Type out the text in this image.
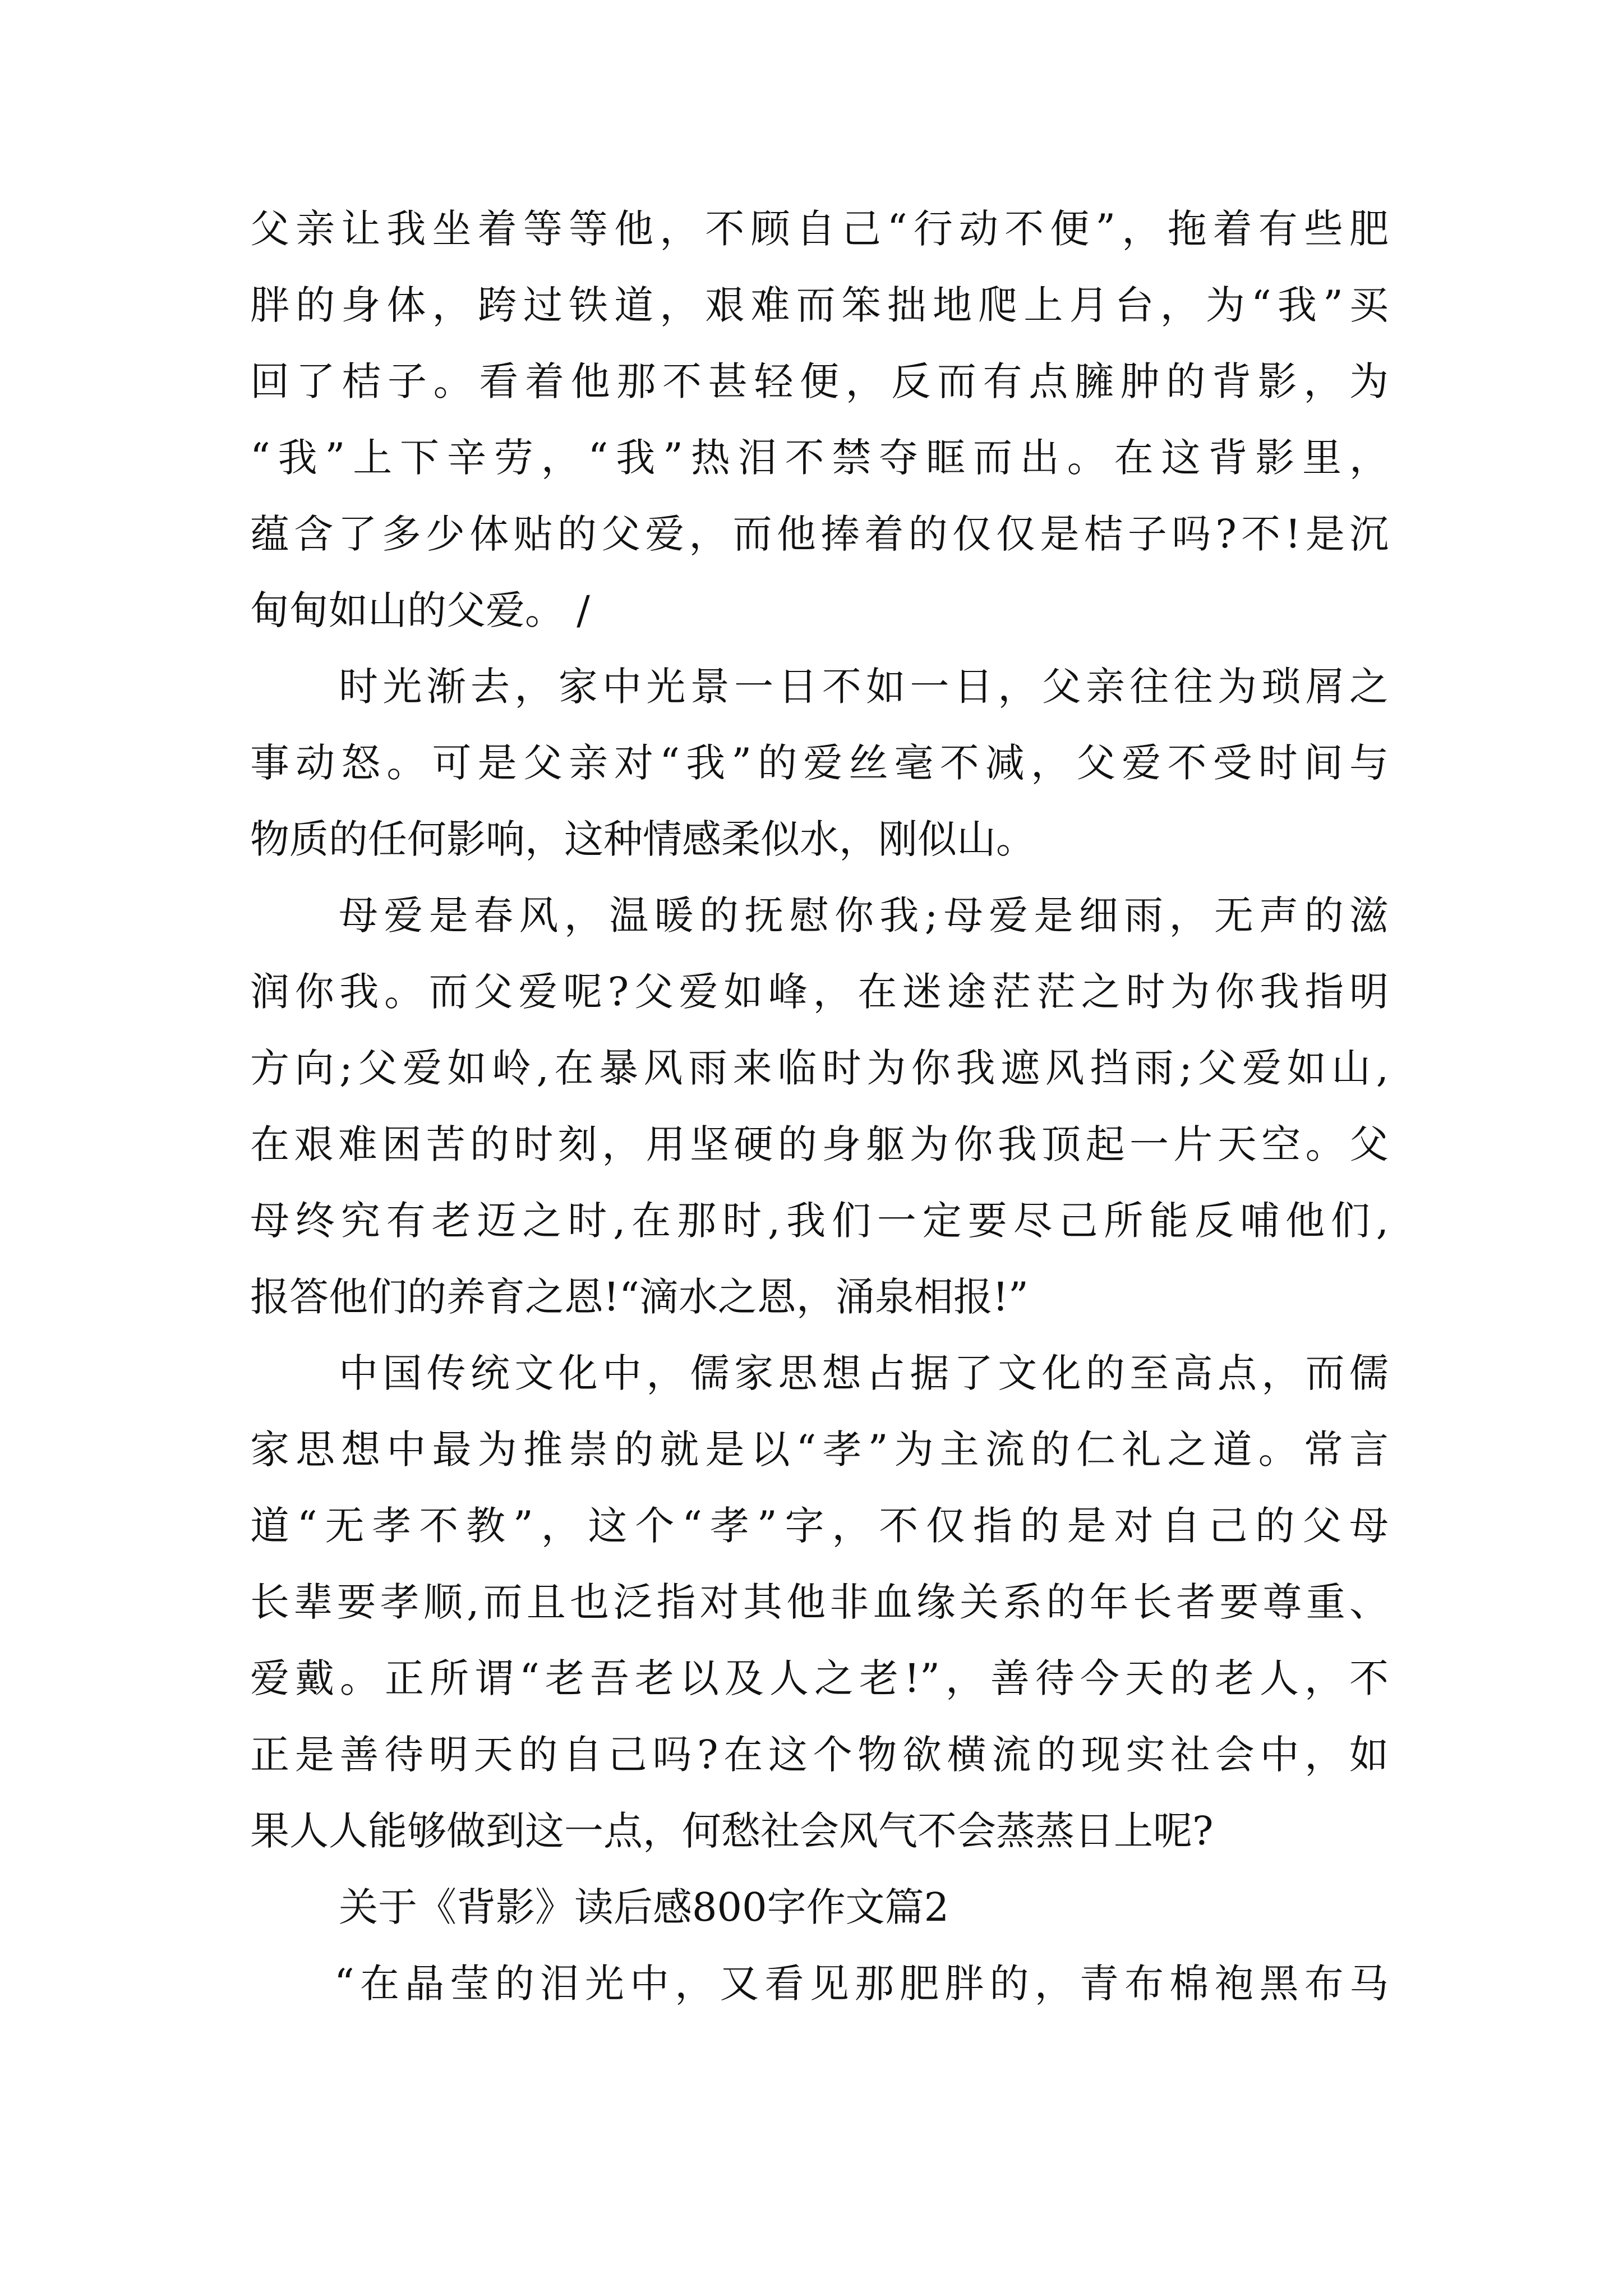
父亲让我坐着等等他，不顾自己“行动不便”，拖着有些肥
胖的身体，跨过铁道，艰难而笨拙地爬上月台，为“我”买
回了桔子。看着他那不甚轻便，反而有点臃肿的背影，为
“我”上下辛劳，“我”热泪不禁夺眶而出。在这背影里，
蕴含了多少体贴的父爱，而他捧着的仅仅是桔子吗?不!是沉
甸甸如山的父爱。 /
时光渐去，家中光景一日不如一日，父亲往往为琐屑之
事动怒。可是父亲对“我”的爱丝毫不减，父爱不受时间与
物质的任何影响，这种情感柔似水，刚似山。
母爱是春风，温暖的抚慰你我;母爱是细雨，无声的滋
润你我。而父爱呢?父爱如峰，在迷途茫茫之时为你我指明
方向;父爱如岭,在暴风雨来临时为你我遮风挡雨;父爱如山,
在艰难困苦的时刻，用坚硬的身躯为你我顶起一片天空。父
母终究有老迈之时,在那时,我们一定要尽己所能反哺他们,
报答他们的养育之恩!“滴水之恩，涌泉相报!”
中国传统文化中，儒家思想占据了文化的至高点，而儒
家思想中最为推崇的就是以“孝”为主流的仁礼之道。常言
道“无孝不教”，这个“孝”字，不仅指的是对自己的父母
长辈要孝顺,而且也泛指对其他非血缘关系的年长者要尊重、
爱戴。正所谓“老吾老以及人之老!”，善待今天的老人，不
正是善待明天的自己吗?在这个物欲横流的现实社会中，如
果人人能够做到这一点，何愁社会风气不会蒸蒸日上呢?
关于《背影》读后感800字作文篇2
“在晶莹的泪光中，又看见那肥胖的，青布棉袍黑布马
